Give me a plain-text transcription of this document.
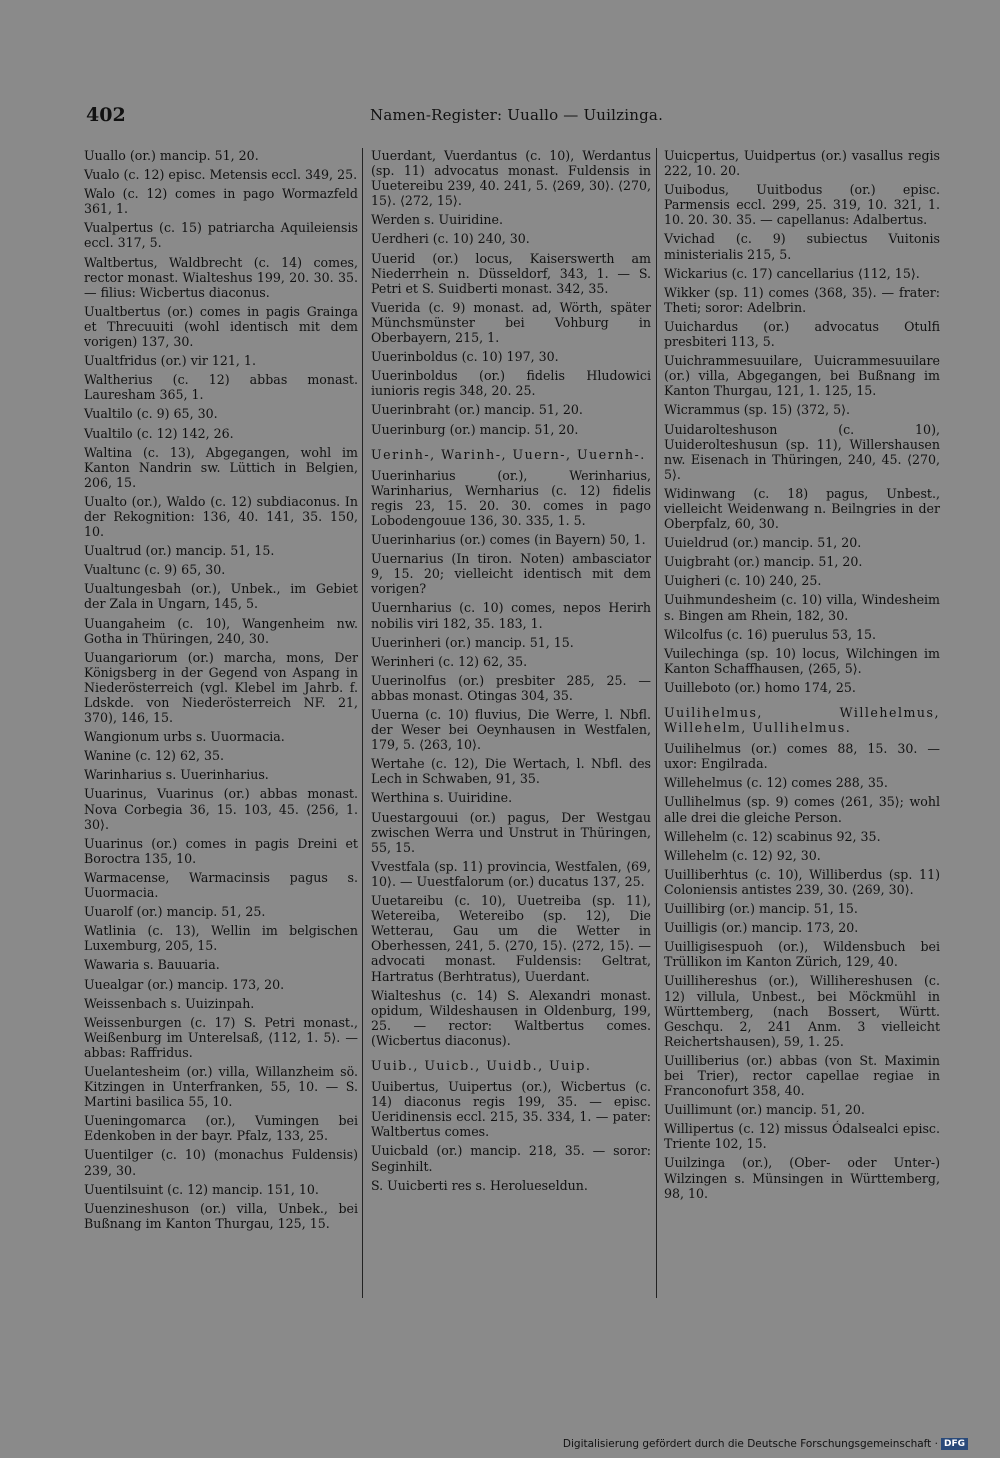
402	Namen-Register: Uuallo — Uuilzinga.
Uuallo (or.) mancip. 51, 20.
Vualo (c. 12) episc. Metensis eccl. 349, 25.
Walo (c. 12) comes in pago Wormazfeld 361, 1.
Vualpertus (c. 15) patriarcha Aquileiensis eccl. 317, 5.
Waltbertus, Waldbrecht (c. 14) comes, rector monast. Wialteshus 199, 20. 30. 35. — filius: Wicbertus diaconus.
Uualtbertus (or.) comes in pagis Grainga et Threcuuiti (wohl identisch mit dem vorigen) 137, 30.
Uualtfridus (or.) vir 121, 1.
Waltherius (c. 12) abbas monast. Lauresham 365, 1.
Vualtilo (c. 9) 65, 30.
Vualtilo (c. 12) 142, 26.
Waltina (c. 13), Abgegangen, wohl im Kanton Nandrin sw. Lüttich in Belgien, 206, 15.
Uualto (or.), Waldo (c. 12) subdiaconus. In der Rekognition: 136, 40. 141, 35. 150, 10.
Uualtrud (or.) mancip. 51, 15.
Vualtunc (c. 9) 65, 30.
Uualtungesbah (or.), Unbek., im Gebiet der Zala in Ungarn, 145, 5.
Uuangaheim (c. 10), Wangenheim nw. Gotha in Thüringen, 240, 30.
Uuangariorum (or.) marcha, mons, Der Königsberg in der Gegend von Aspang in Niederösterreich (vgl. Klebel im Jahrb. f. Ldskde. von Niederösterreich NF. 21, 370), 146, 15.
Wangionum urbs s. Uuormacia.
Wanine (c. 12) 62, 35.
Warinharius s. Uuerinharius.
Uuarinus, Vuarinus (or.) abbas monast. Nova Corbegia 36, 15. 103, 45. ⟨256, 1. 30⟩.
Uuarinus (or.) comes in pagis Dreini et Boroctra 135, 10.
Warmacense, Warmacinsis pagus s. Uuormacia.
Uuarolf (or.) mancip. 51, 25.
Watlinia (c. 13), Wellin im belgischen Luxemburg, 205, 15.
Wawaria s. Bauuaria.
Uuealgar (or.) mancip. 173, 20.
Weissenbach s. Uuizinpah.
Weissenburgen (c. 17) S. Petri monast., Weißenburg im Unterelsaß, ⟨112, 1. 5⟩. — abbas: Raffridus.
Uuelantesheim (or.) villa, Willanzheim sö. Kitzingen in Unterfranken, 55, 10. — S. Martini basilica 55, 10.
Uueningomarca (or.), Vumingen bei Edenkoben in der bayr. Pfalz, 133, 25.
Uuentilger (c. 10) (monachus Fuldensis) 239, 30.
Uuentilsuint (c. 12) mancip. 151, 10.
Uuenzineshuson (or.) villa, Unbek., bei Bußnang im Kanton Thurgau, 125, 15.
Uuerdant, Vuerdantus (c. 10), Werdantus (sp. 11) advocatus monast. Fuldensis in Uuetereibu 239, 40. 241, 5. ⟨269, 30⟩. ⟨270, 15⟩. ⟨272, 15⟩.
Werden s. Uuiridine.
Uerdheri (c. 10) 240, 30.
Uuerid (or.) locus, Kaiserswerth am Niederrhein n. Düsseldorf, 343, 1. — S. Petri et S. Suidberti monast. 342, 35.
Vuerida (c. 9) monast. ad, Wörth, später Münchsmünster bei Vohburg in Oberbayern, 215, 1.
Uuerinboldus (c. 10) 197, 30.
Uuerinboldus (or.) fidelis Hludowici iunioris regis 348, 20. 25.
Uuerinbraht (or.) mancip. 51, 20.
Uuerinburg (or.) mancip. 51, 20.
Uerinh-, Warinh-, Uuern-, Uuernh-.
Uuerinharius (or.), Werinharius, Warinharius, Wernharius (c. 12) fidelis regis 23, 15. 20. 30. comes in pago Lobodengouue 136, 30. 335, 1. 5.
Uuerinharius (or.) comes (in Bayern) 50, 1.
Uuernarius (In tiron. Noten) ambasciator 9, 15. 20; vielleicht identisch mit dem vorigen?
Uuernharius (c. 10) comes, nepos Herirh nobilis viri 182, 35. 183, 1.
Uuerinheri (or.) mancip. 51, 15.
Werinheri (c. 12) 62, 35.
Uuerinolfus (or.) presbiter 285, 25. — abbas monast. Otingas 304, 35.
Uuerna (c. 10) fluvius, Die Werre, l. Nbfl. der Weser bei Oeynhausen in Westfalen, 179, 5. ⟨263, 10⟩.
Wertahe (c. 12), Die Wertach, l. Nbfl. des Lech in Schwaben, 91, 35.
Werthina s. Uuiridine.
Uuestargouui (or.) pagus, Der Westgau zwischen Werra und Unstrut in Thüringen, 55, 15.
Vvestfala (sp. 11) provincia, Westfalen, ⟨69, 10⟩. — Uuestfalorum (or.) ducatus 137, 25.
Uuetareibu (c. 10), Uuetreiba (sp. 11), Wetereiba, Wetereibo (sp. 12), Die Wetterau, Gau um die Wetter in Oberhessen, 241, 5. ⟨270, 15⟩. ⟨272, 15⟩. — advocati monast. Fuldensis: Geltrat, Hartratus (Berhtratus), Uuerdant.
Wialteshus (c. 14) S. Alexandri monast. opidum, Wildeshausen in Oldenburg, 199, 25. — rector: Waltbertus comes. (Wicbertus diaconus).
Uuib., Uuicb., Uuidb., Uuip.
Uuibertus, Uuipertus (or.), Wicbertus (c. 14) diaconus regis 199, 35. — episc. Ueridinensis eccl. 215, 35. 334, 1. — pater: Waltbertus comes.
Uuicbald (or.) mancip. 218, 35. — soror: Seginhilt.
S. Uuicberti res s. Herolueseldun.
Uuicpertus, Uuidpertus (or.) vasallus regis 222, 10. 20.
Uuibodus, Uuitbodus (or.) episc. Parmensis eccl. 299, 25. 319, 10. 321, 1. 10. 20. 30. 35. — capellanus: Adalbertus.
Vvichad (c. 9) subiectus Vuitonis ministerialis 215, 5.
Wickarius (c. 17) cancellarius ⟨112, 15⟩.
Wikker (sp. 11) comes ⟨368, 35⟩. — frater: Theti; soror: Adelbrin.
Uuichardus (or.) advocatus Otulfi presbiteri 113, 5.
Uuichrammesuuilare, Uuicrammesuuilare (or.) villa, Abgegangen, bei Bußnang im Kanton Thurgau, 121, 1. 125, 15.
Wicrammus (sp. 15) ⟨372, 5⟩.
Uuidarolteshuson (c. 10), Uuiderolteshusun (sp. 11), Willershausen nw. Eisenach in Thüringen, 240, 45. ⟨270, 5⟩.
Widinwang (c. 18) pagus, Unbest., vielleicht Weidenwang n. Beilngries in der Oberpfalz, 60, 30.
Uuieldrud (or.) mancip. 51, 20.
Uuigbraht (or.) mancip. 51, 20.
Uuigheri (c. 10) 240, 25.
Uuihmundesheim (c. 10) villa, Windesheim s. Bingen am Rhein, 182, 30.
Wilcolfus (c. 16) puerulus 53, 15.
Vuilechinga (sp. 10) locus, Wilchingen im Kanton Schaffhausen, ⟨265, 5⟩.
Uuilleboto (or.) homo 174, 25.
Uuilihelmus, Willehelmus, Willehelm, Uullihelmus.
Uuilihelmus (or.) comes 88, 15. 30. — uxor: Engilrada.
Willehelmus (c. 12) comes 288, 35.
Uullihelmus (sp. 9) comes ⟨261, 35⟩; wohl alle drei die gleiche Person.
Willehelm (c. 12) scabinus 92, 35.
Willehelm (c. 12) 92, 30.
Uuilliberhtus (c. 10), Williberdus (sp. 11) Coloniensis antistes 239, 30. ⟨269, 30⟩.
Uuillibirg (or.) mancip. 51, 15.
Uuilligis (or.) mancip. 173, 20.
Uuilligisespuoh (or.), Wildensbuch bei Trüllikon im Kanton Zürich, 129, 40.
Uuillihereshus (or.), Willihereshusen (c. 12) villula, Unbest., bei Möckmühl in Württemberg, (nach Bossert, Württ. Geschqu. 2, 241 Anm. 3 vielleicht Reichertshausen), 59, 1. 25.
Uuilliberius (or.) abbas (von St. Maximin bei Trier), rector capellae regiae in Franconofurt 358, 40.
Uuillimunt (or.) mancip. 51, 20.
Willipertus (c. 12) missus Ódalsealci episc. Triente 102, 15.
Uuilzinga (or.), (Ober- oder Unter-) Wilzingen s. Münsingen in Württemberg, 98, 10.
Digitalisierung gefördert durch die Deutsche Forschungsgemeinschaft · DFG
